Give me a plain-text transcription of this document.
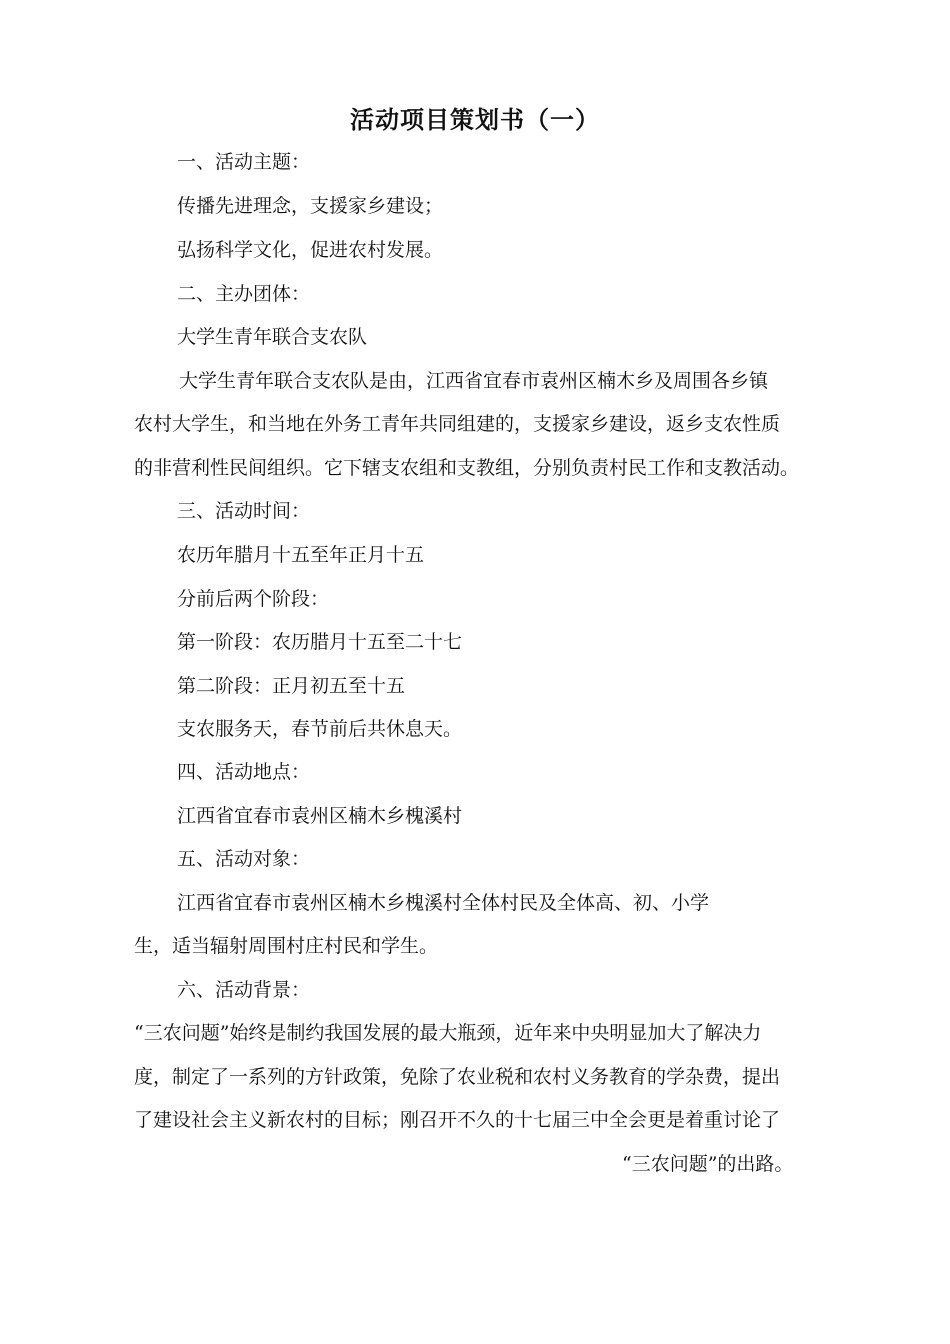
活动项目策划书（一）
一、活动主题：
传播先进理念，支援家乡建设；
弘扬科学文化，促进农村发展。
二、主办团体：
大学生青年联合支农队
大学生青年联合支农队是由，江西省宜春市袁州区楠木乡及周围各乡镇
农村大学生，和当地在外务工青年共同组建的，支援家乡建设，返乡支农性质
的非营利性民间组织。它下辖支农组和支教组，分别负责村民工作和支教活动。
三、活动时间：
农历年腊月十五至年正月十五
分前后两个阶段：
第一阶段：农历腊月十五至二十七
第二阶段：正月初五至十五
支农服务天，春节前后共休息天。
四、活动地点：
江西省宜春市袁州区楠木乡槐溪村
五、活动对象：
江西省宜春市袁州区楠木乡槐溪村全体村民及全体高、初、小学
生，适当辐射周围村庄村民和学生。
六、活动背景：
“三农问题”始终是制约我国发展的最大瓶颈，近年来中央明显加大了解决力
度，制定了一系列的方针政策，免除了农业税和农村义务教育的学杂费，提出
了建设社会主义新农村的目标；刚召开不久的十七届三中全会更是着重讨论了
“三农问题”的出路。
